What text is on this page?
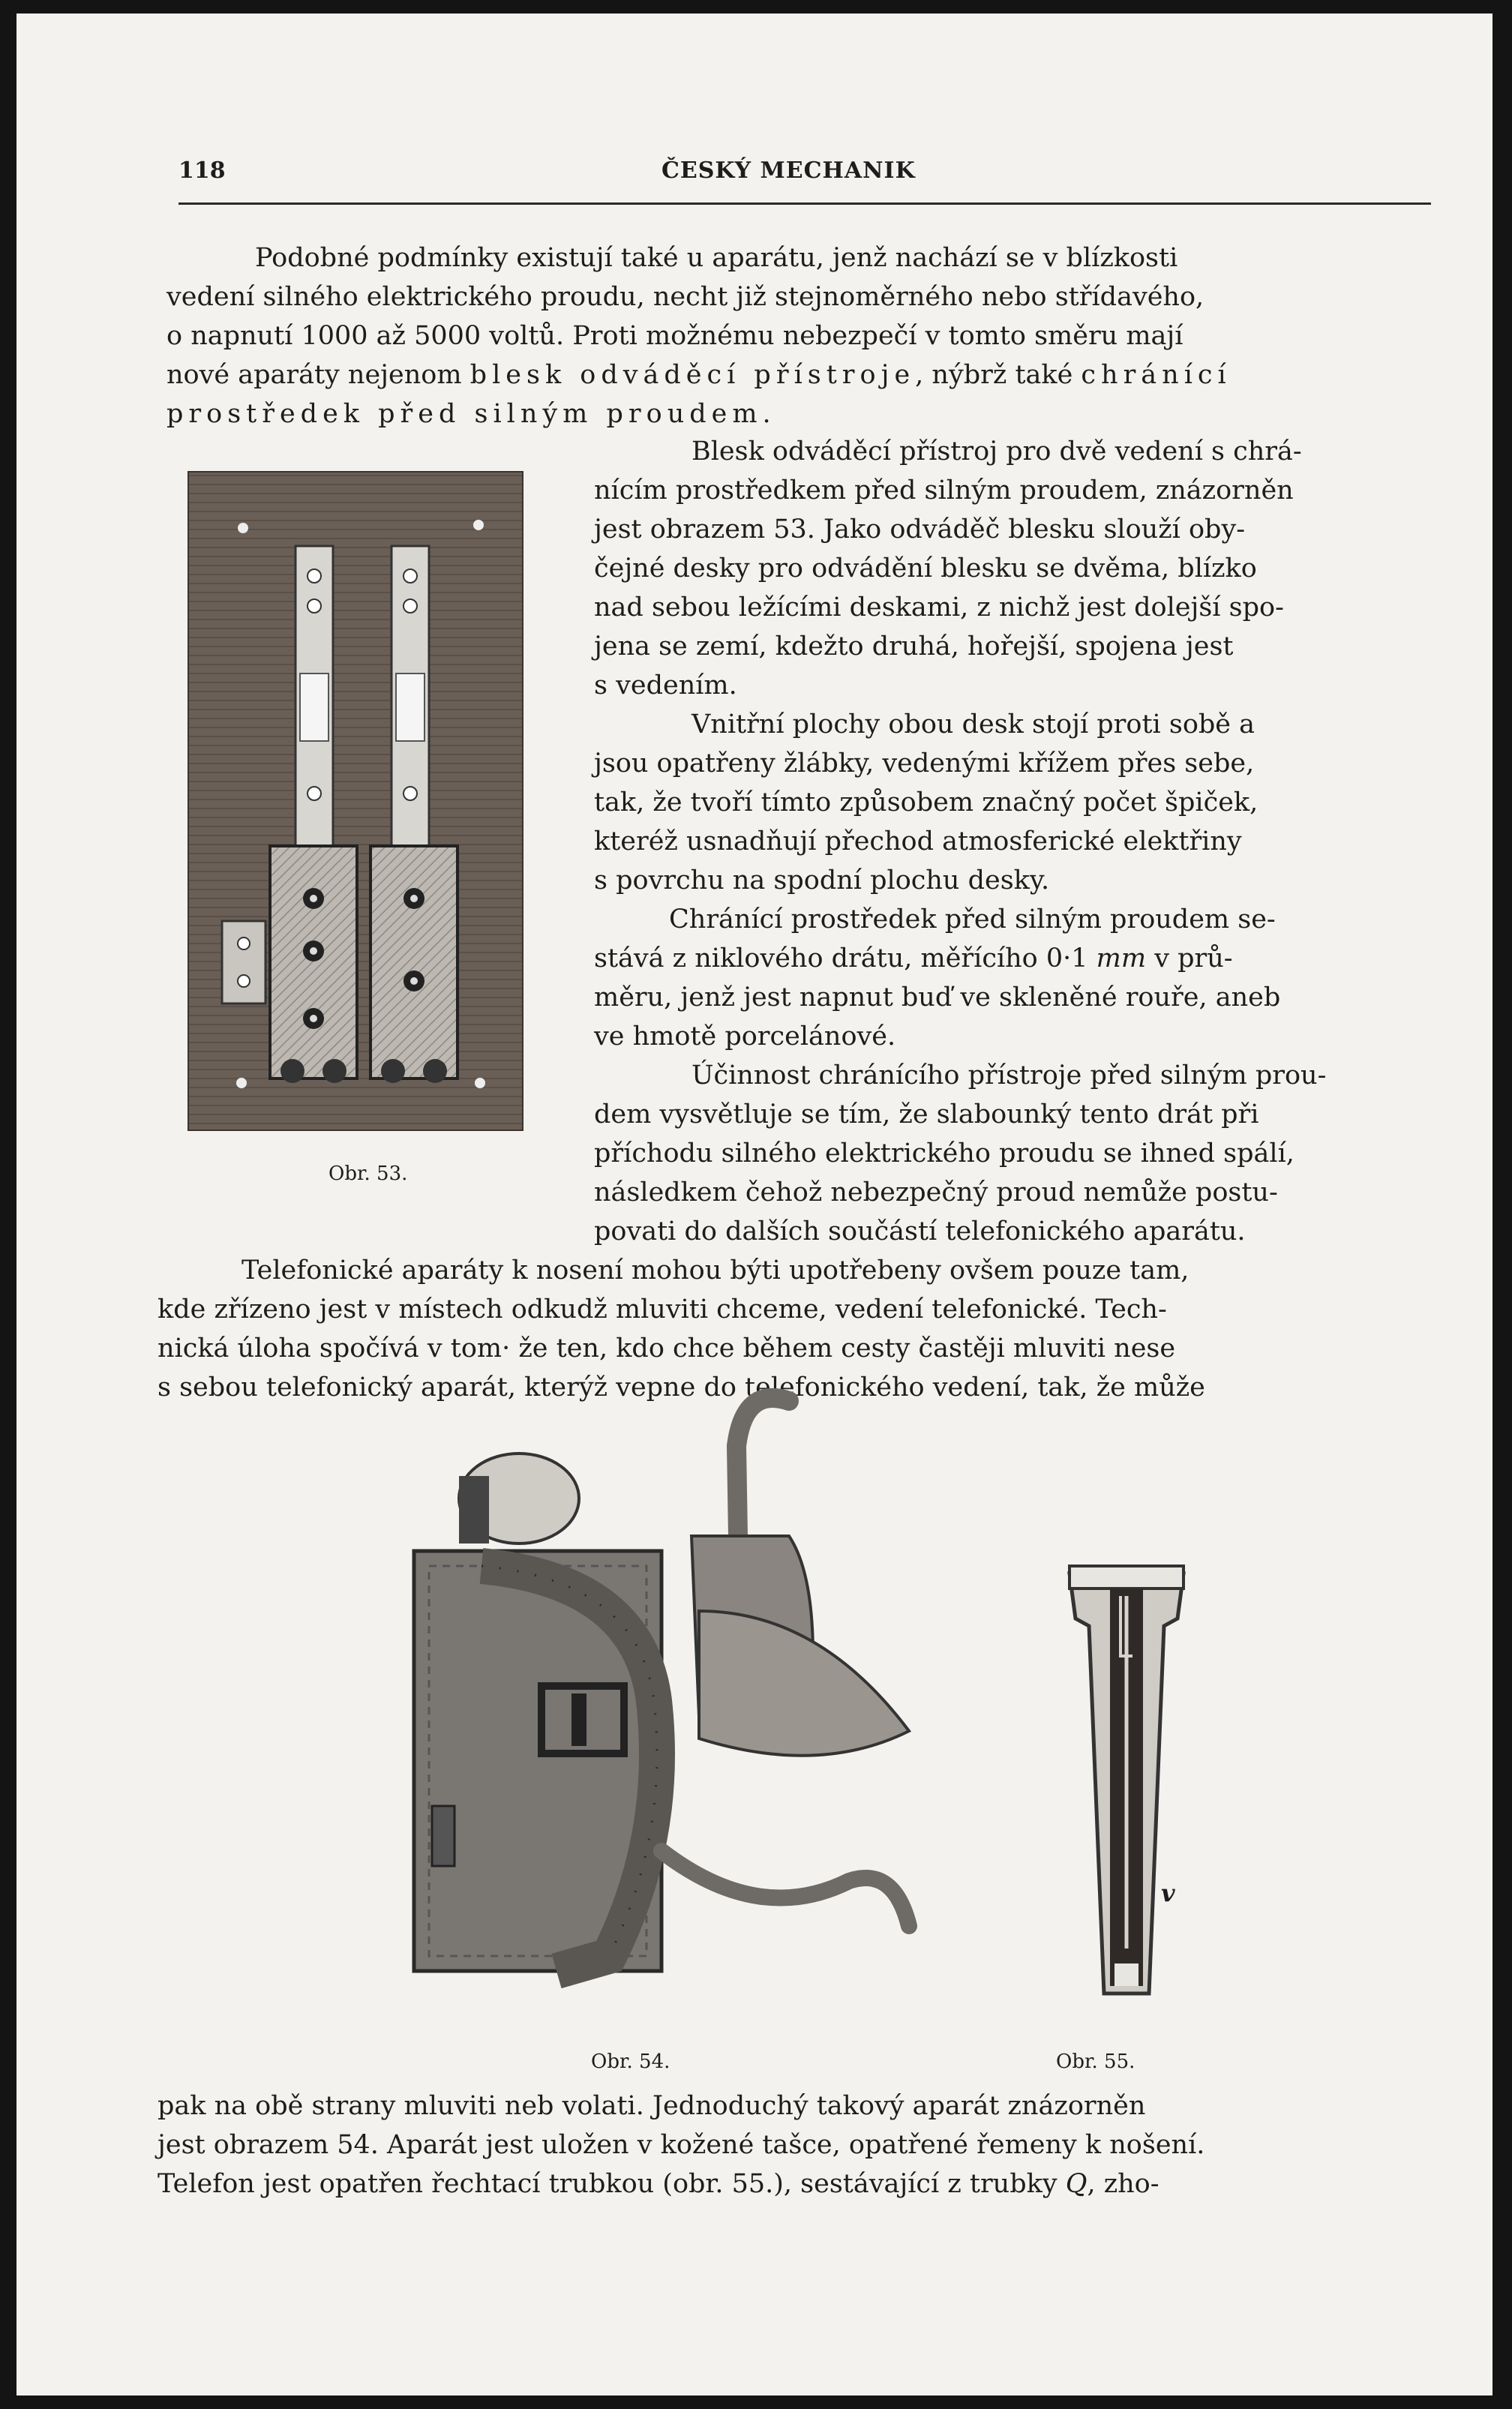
118	ČESKÝ MECHANIK
Podobné podmínky existují také u aparátu, jenž nachází se v blízkosti
vedení silného elektrického proudu, necht již stejnoměrného nebo střídavého,
o napnutí 1000 až 5000 voltů. Proti možnému nebezpečí v tomto směru mají
nové aparáty nejenom blesk odváděcí přístroje, nýbrž také chránící
prostředek před silným proudem.
Obr. 53.
Blesk odváděcí přístroj pro dvě vedení s chrá-
nícím prostředkem před silným proudem, znázorněn
jest obrazem 53. Jako odváděč blesku slouží oby-
čejné desky pro odvádění blesku se dvěma, blízko
nad sebou ležícími deskami, z nichž jest dolejší spo-
jena se zemí, kdežto druhá, hořejší, spojena jest
s vedením.
Vnitřní plochy obou desk stojí proti sobě a
jsou opatřeny žlábky, vedenými křížem přes sebe,
tak, že tvoří tímto způsobem značný počet špiček,
kteréž usnadňují přechod atmosferické elektřiny
s povrchu na spodní plochu desky.
Chránící prostředek před silným proudem se-
stává z niklového drátu, měřícího 0·1 mm v prů-
měru, jenž jest napnut buď ve skleněné rouře, aneb
ve hmotě porcelánové.
Účinnost chránícího přístroje před silným prou-
dem vysvětluje se tím, že slabounký tento drát při
příchodu silného elektrického proudu se ihned spálí,
následkem čehož nebezpečný proud nemůže postu-
povati do dalších součástí telefonického aparátu.
Telefonické aparáty k nosení mohou býti upotřebeny ovšem pouze tam,
kde zřízeno jest v místech odkudž mluviti chceme, vedení telefonické. Tech-
nická úloha spočívá v tom· že ten, kdo chce během cesty častěji mluviti nese
s sebou telefonický aparát, kterýž vepne do telefonického vedení, tak, že může
Obr. 54.
v
Obr. 55.
pak na obě strany mluviti neb volati. Jednoduchý takový aparát znázorněn
jest obrazem 54. Aparát jest uložen v kožené tašce, opatřené řemeny k nošení.
Telefon jest opatřen řechtací trubkou (obr. 55.), sestávající z trubky Q, zho-
